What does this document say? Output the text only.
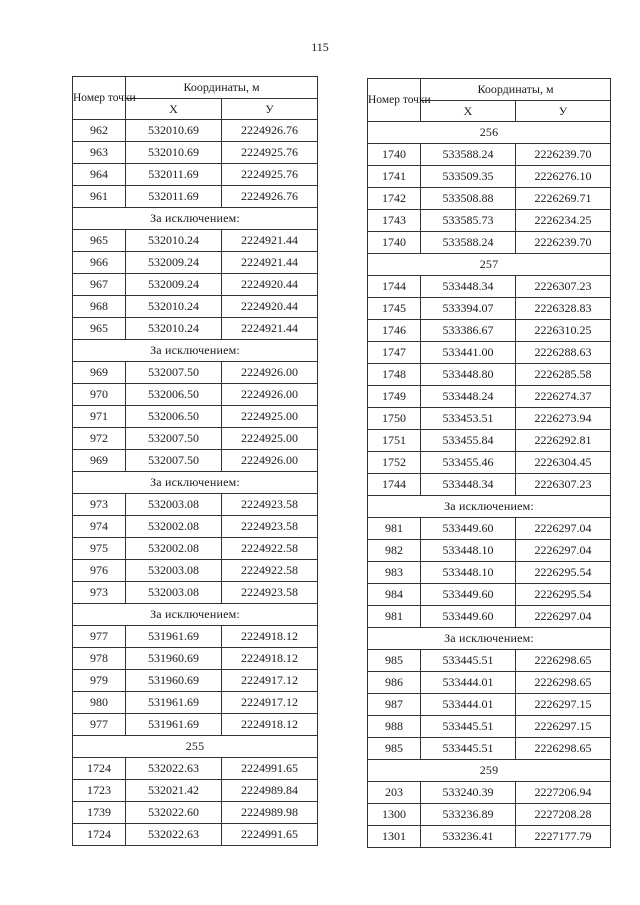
115
Номер точки	Координаты, м	
	X	У
962	532010.69	2224926.76
963	532010.69	2224925.76
964	532011.69	2224925.76
961	532011.69	2224926.76
За исключением:		
965	532010.24	2224921.44
966	532009.24	2224921.44
967	532009.24	2224920.44
968	532010.24	2224920.44
965	532010.24	2224921.44
За исключением:		
969	532007.50	2224926.00
970	532006.50	2224926.00
971	532006.50	2224925.00
972	532007.50	2224925.00
969	532007.50	2224926.00
За исключением:		
973	532003.08	2224923.58
974	532002.08	2224923.58
975	532002.08	2224922.58
976	532003.08	2224922.58
973	532003.08	2224923.58
За исключением:		
977	531961.69	2224918.12
978	531960.69	2224918.12
979	531960.69	2224917.12
980	531961.69	2224917.12
977	531961.69	2224918.12
255		
1724	532022.63	2224991.65
1723	532021.42	2224989.84
1739	532022.60	2224989.98
1724	532022.63	2224991.65
Номер точки	Координаты, м	
	X	У
256		
1740	533588.24	2226239.70
1741	533509.35	2226276.10
1742	533508.88	2226269.71
1743	533585.73	2226234.25
1740	533588.24	2226239.70
257		
1744	533448.34	2226307.23
1745	533394.07	2226328.83
1746	533386.67	2226310.25
1747	533441.00	2226288.63
1748	533448.80	2226285.58
1749	533448.24	2226274.37
1750	533453.51	2226273.94
1751	533455.84	2226292.81
1752	533455.46	2226304.45
1744	533448.34	2226307.23
За исключением:		
981	533449.60	2226297.04
982	533448.10	2226297.04
983	533448.10	2226295.54
984	533449.60	2226295.54
981	533449.60	2226297.04
За исключением:		
985	533445.51	2226298.65
986	533444.01	2226298.65
987	533444.01	2226297.15
988	533445.51	2226297.15
985	533445.51	2226298.65
259		
203	533240.39	2227206.94
1300	533236.89	2227208.28
1301	533236.41	2227177.79
